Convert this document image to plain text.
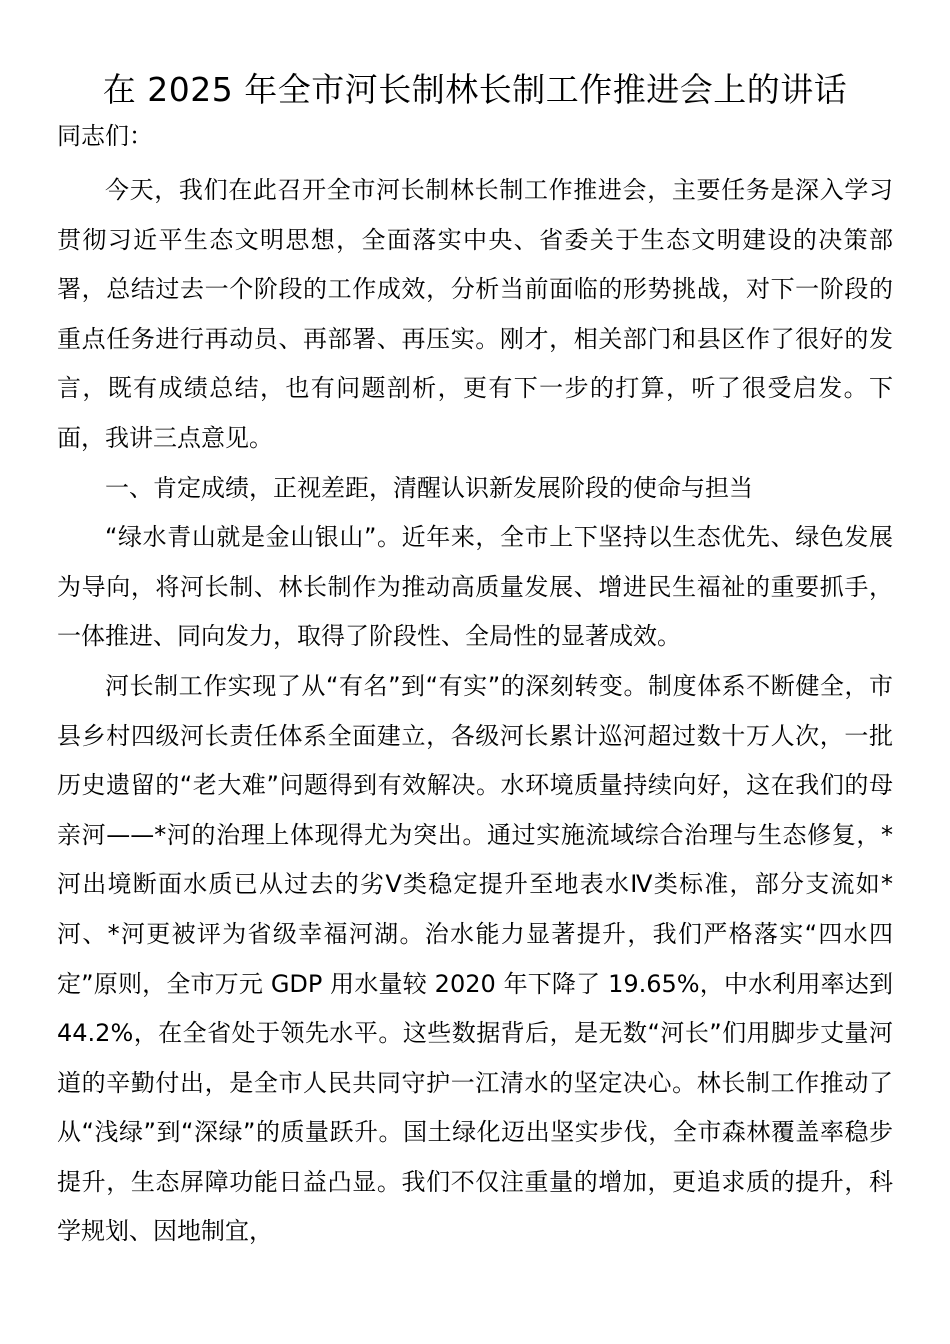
在 2025 年全市河长制林长制工作推进会上的讲话

同志们：

今天，我们在此召开全市河长制林长制工作推进会，主要任务是深入学习贯彻习近平生态文明思想，全面落实中央、省委关于生态文明建设的决策部署，总结过去一个阶段的工作成效，分析当前面临的形势挑战，对下一阶段的重点任务进行再动员、再部署、再压实。刚才，相关部门和县区作了很好的发言，既有成绩总结，也有问题剖析，更有下一步的打算，听了很受启发。下面，我讲三点意见。

一、肯定成绩，正视差距，清醒认识新发展阶段的使命与担当

“绿水青山就是金山银山”。近年来，全市上下坚持以生态优先、绿色发展为导向，将河长制、林长制作为推动高质量发展、增进民生福祉的重要抓手，一体推进、同向发力，取得了阶段性、全局性的显著成效。

河长制工作实现了从“有名”到“有实”的深刻转变。制度体系不断健全，市县乡村四级河长责任体系全面建立，各级河长累计巡河超过数十万人次，一批历史遗留的“老大难”问题得到有效解决。水环境质量持续向好，这在我们的母亲河——*河的治理上体现得尤为突出。通过实施流域综合治理与生态修复，*河出境断面水质已从过去的劣Ⅴ类稳定提升至地表水Ⅳ类标准，部分支流如*河、*河更被评为省级幸福河湖。治水能力显著提升，我们严格落实“四水四定”原则，全市万元 GDP 用水量较 2020 年下降了 19.65%，中水利用率达到 44.2%，在全省处于领先水平。这些数据背后，是无数“河长”们用脚步丈量河道的辛勤付出，是全市人民共同守护一江清水的坚定决心。林长制工作推动了从“浅绿”到“深绿”的质量跃升。国土绿化迈出坚实步伐，全市森林覆盖率稳步提升，生态屏障功能日益凸显。我们不仅注重量的增加，更追求质的提升，科学规划、因地制宜，
